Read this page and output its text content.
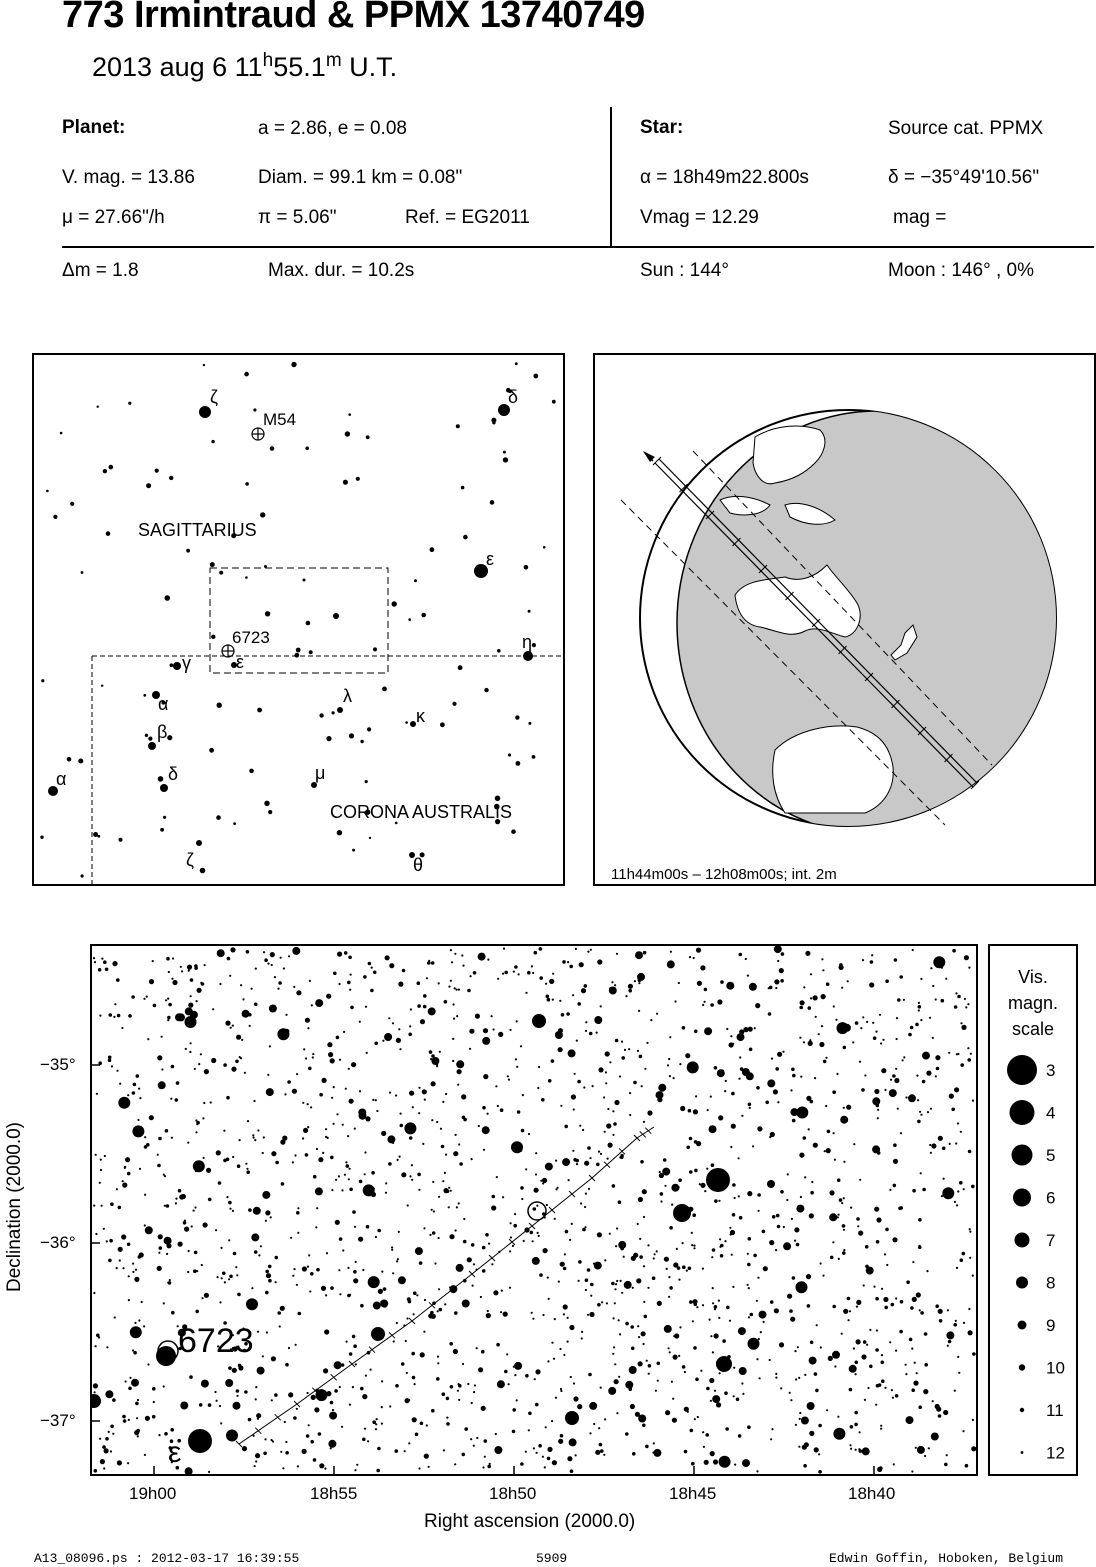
773 Irmintraud & PPMX 13740749
2013 aug 6 11$^h$55.1$^m$ U.T.
Planet:	a = 2.86, e = 0.08
V. mag. = 13.86	Diam. = 99.1 km = 0.08"
μ = 27.66"/h	π = 5.06"	Ref. = EG2011
Star:	Source cat. PPMX
α = 18h49m22.800s	δ = −35°49'10.56"
Vmag = 12.29	mag =
Δm = 1.8	Max. dur. = 10.2s	Sun : 144°	Moon : 146° , 0%
SAGITTARIUS
CORONA AUSTRALIS
M54
6723
ζ	δ
ε
η
γ	ε
α
β
δ
α
λ
κ
μ
ζ	θ	11h44m00s – 12h08m00s; int. 2m
6723
ε
19h00	18h55	18h50	18h45	18h40
−35°
−36°
−37°
Right ascension (2000.0)
Declination (2000.0)
Vis.
magn.
scale
3
4
5
6
7
8
9
10
11
12
A13_08096.ps : 2012-03-17 16:39:55	5909	Edwin Goffin, Hoboken, Belgium
